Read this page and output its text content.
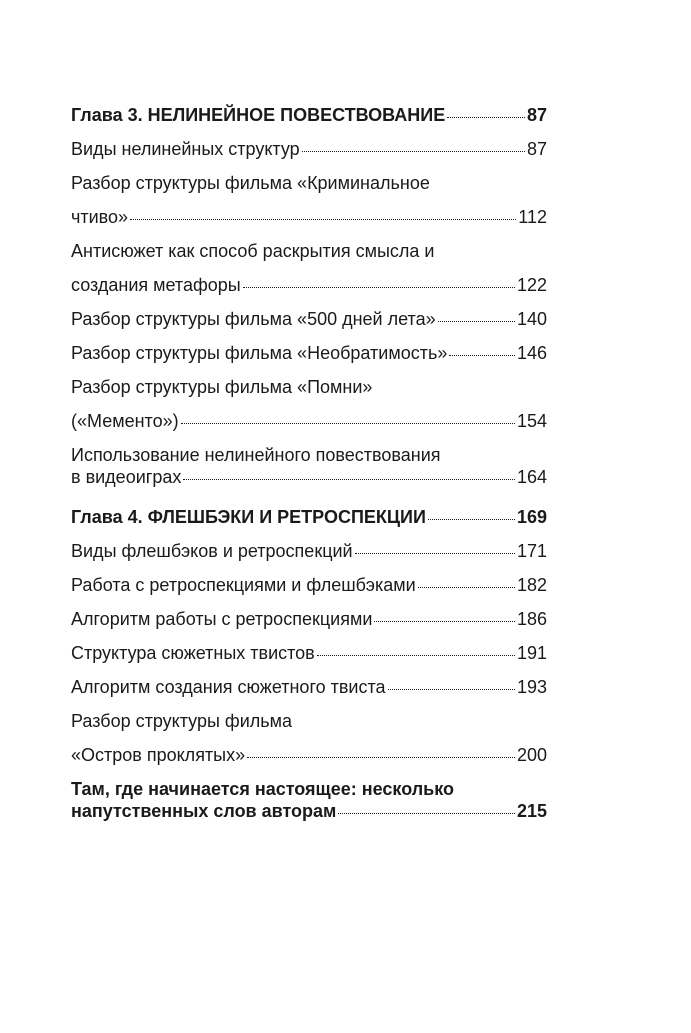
Глава 3. НЕЛИНЕЙНОЕ ПОВЕСТВОВАНИЕ	87
Виды нелинейных структур	87
Разбор структуры фильма «Криминальное
чтиво»	112
Антисюжет как способ раскрытия смысла и
создания метафоры	122
Разбор структуры фильма «500 дней лета»	140
Разбор структуры фильма «Необратимость»	146
Разбор структуры фильма «Помни»
(«Мементо»)	154
Использование нелинейного повествования
в видеоиграх	164
Глава 4. ФЛЕШБЭКИ И РЕТРОСПЕКЦИИ	169
Виды флешбэков и ретроспекций	171
Работа с ретроспекциями и флешбэками	182
Алгоритм работы с ретроспекциями	186
Структура сюжетных твистов	191
Алгоритм создания сюжетного твиста	193
Разбор структуры фильма
«Остров проклятых»	200
Там, где начинается настоящее: несколько
напутственных слов авторам	215
